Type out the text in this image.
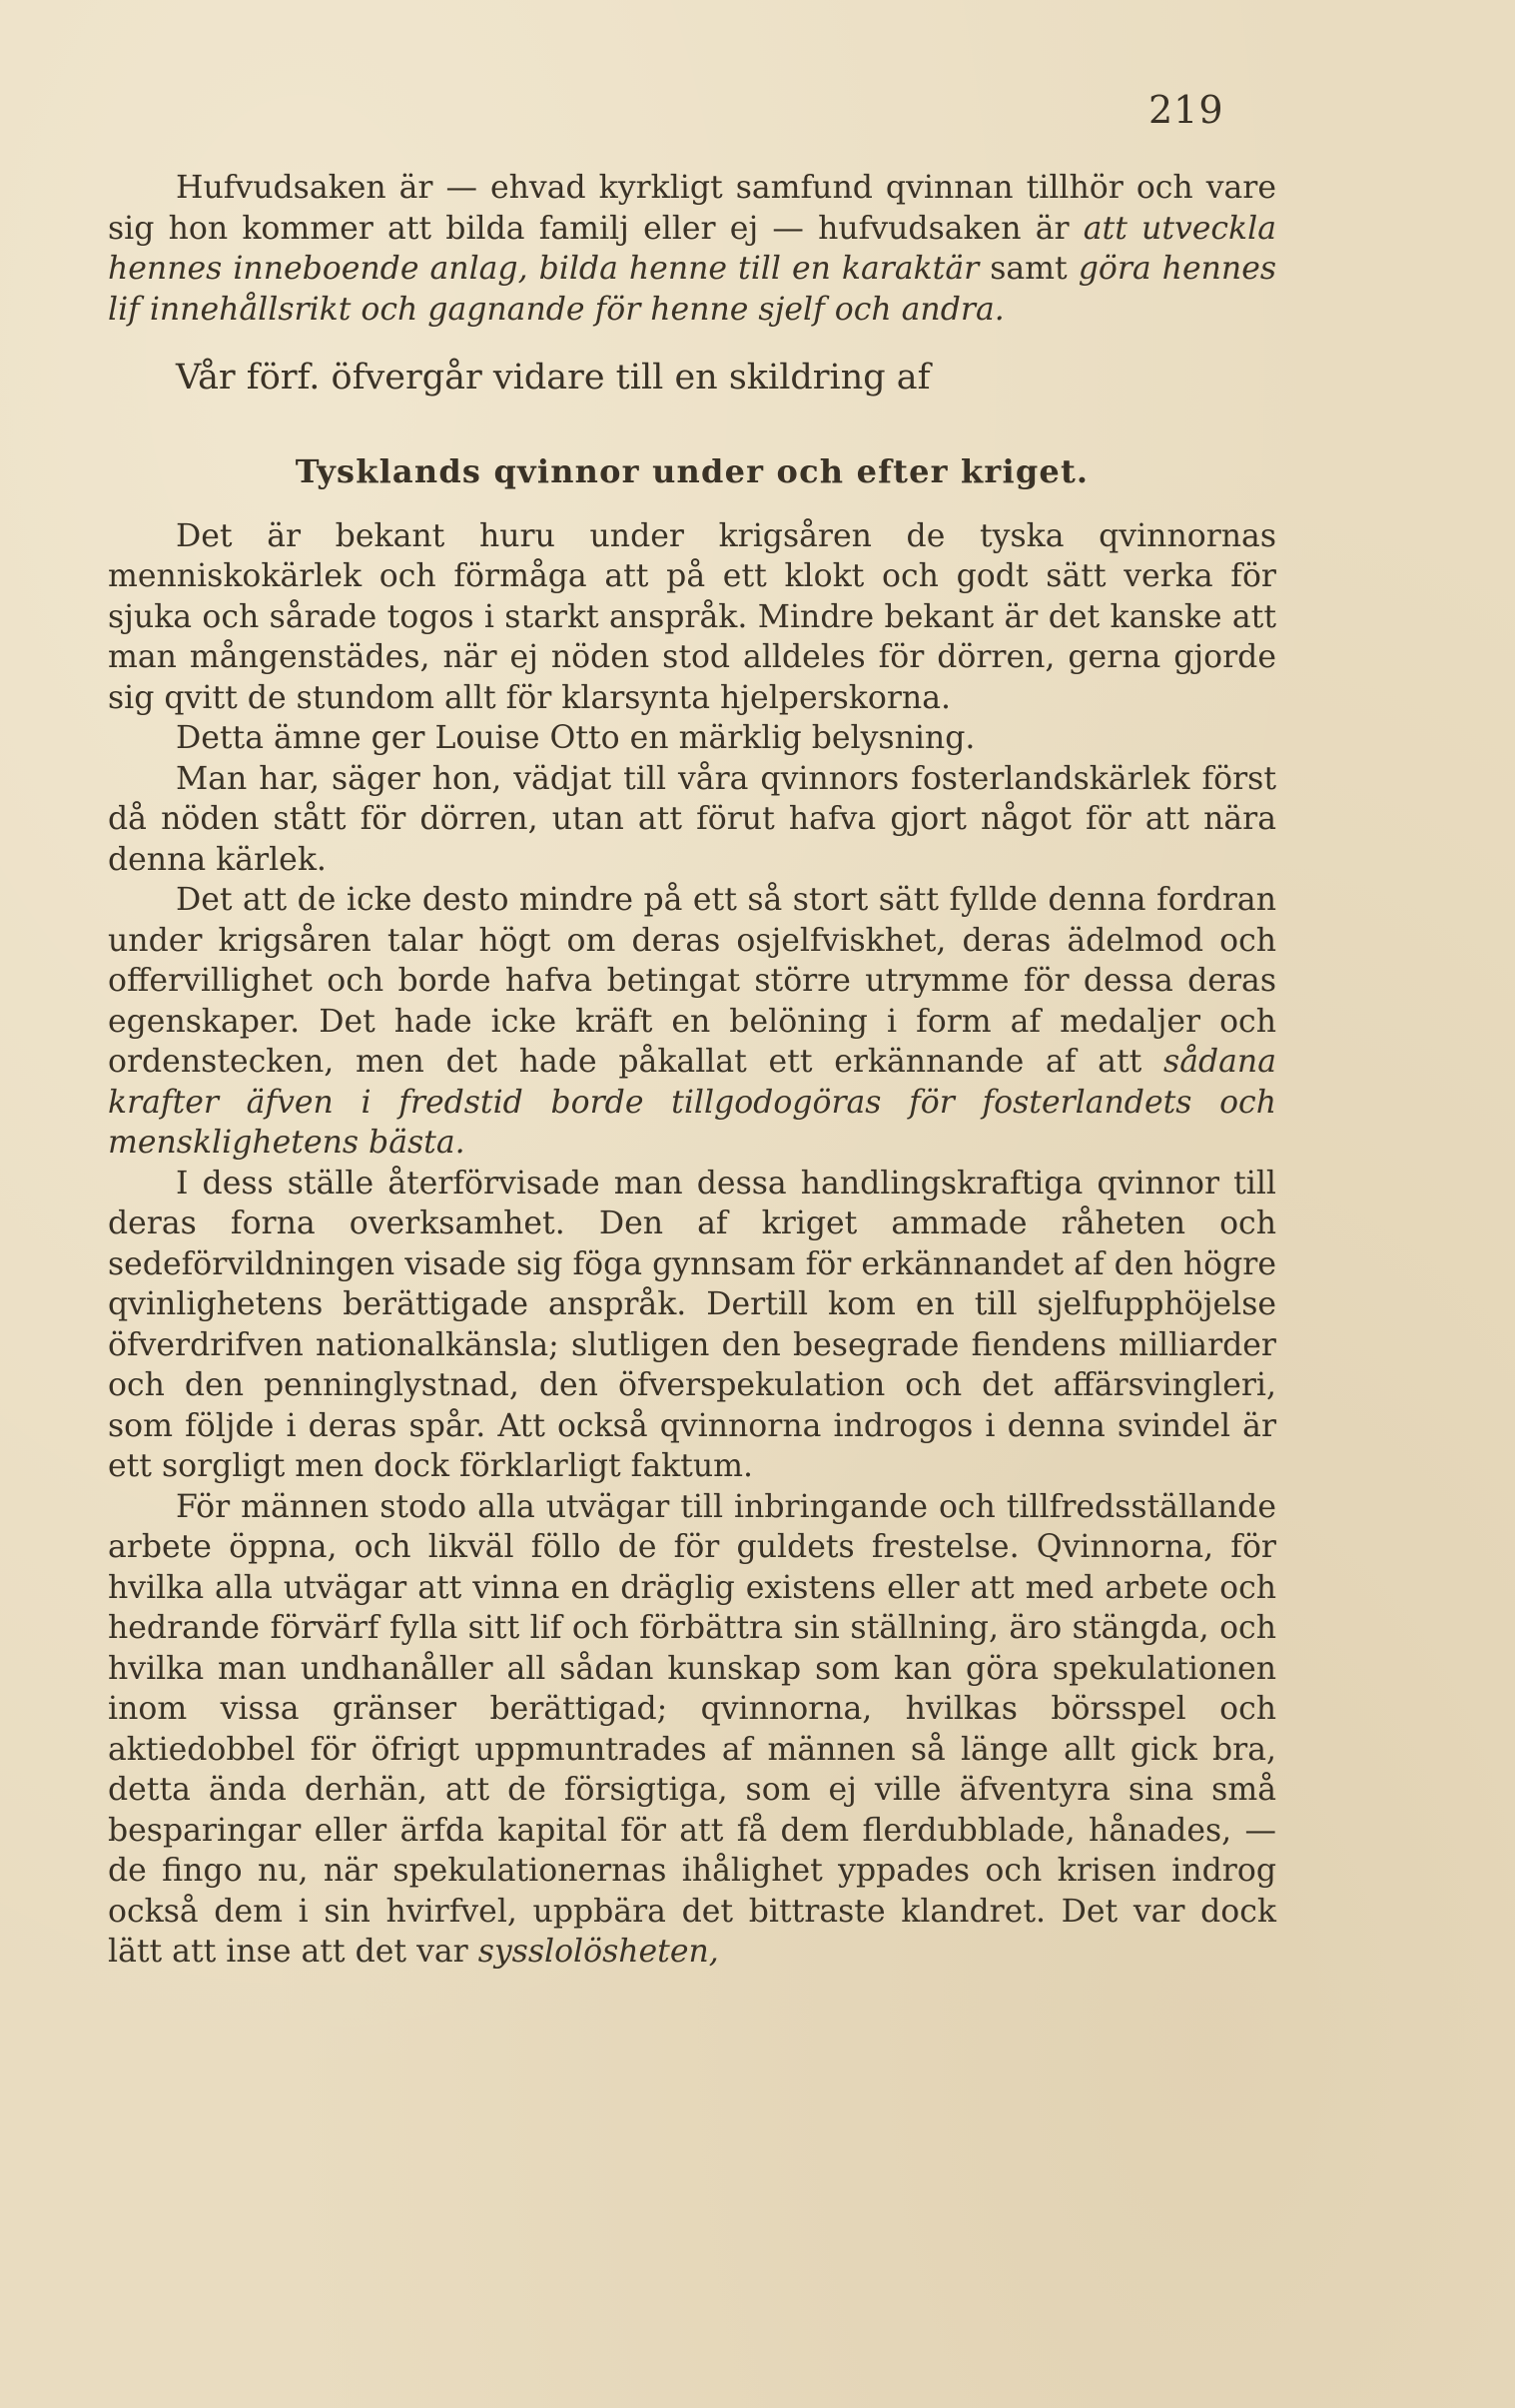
219

Hufvudsaken är — ehvad kyrkligt samfund qvinnan tillhör och vare sig hon kommer att bilda familj eller ej — hufvudsaken är att utveckla hennes inneboende anlag, bilda henne till en karaktär samt göra hennes lif innehållsrikt och gagnande för henne sjelf och andra.

Vår förf. öfvergår vidare till en skildring af

Tysklands qvinnor under och efter kriget.

Det är bekant huru under krigsåren de tyska qvinnornas menniskokärlek och förmåga att på ett klokt och godt sätt verka för sjuka och sårade togos i starkt anspråk. Mindre bekant är det kanske att man mångenstädes, när ej nöden stod alldeles för dörren, gerna gjorde sig qvitt de stundom allt för klarsynta hjelperskorna.

Detta ämne ger Louise Otto en märklig belysning.

Man har, säger hon, vädjat till våra qvinnors fosterlandskärlek först då nöden stått för dörren, utan att förut hafva gjort något för att nära denna kärlek.

Det att de icke desto mindre på ett så stort sätt fyllde denna fordran under krigsåren talar högt om deras osjelfviskhet, deras ädelmod och offervillighet och borde hafva betingat större utrymme för dessa deras egenskaper. Det hade icke kräft en belöning i form af medaljer och ordenstecken, men det hade påkallat ett erkännande af att sådana krafter äfven i fredstid borde tillgodogöras för fosterlandets och mensklighetens bästa.

I dess ställe återförvisade man dessa handlingskraftiga qvinnor till deras forna overksamhet. Den af kriget ammade råheten och sedeförvildningen visade sig föga gynnsam för erkännandet af den högre qvinlighetens berättigade anspråk. Dertill kom en till sjelfupphöjelse öfverdrifven nationalkänsla; slutligen den besegrade fiendens milliarder och den penninglystnad, den öfverspekulation och det affärsvingleri, som följde i deras spår. Att också qvinnorna indrogos i denna svindel är ett sorgligt men dock förklarligt faktum.

För männen stodo alla utvägar till inbringande och tillfredsställande arbete öppna, och likväl föllo de för guldets frestelse. Qvinnorna, för hvilka alla utvägar att vinna en dräglig existens eller att med arbete och hedrande förvärf fylla sitt lif och förbättra sin ställning, äro stängda, och hvilka man undhanåller all sådan kunskap som kan göra spekulationen inom vissa gränser berättigad; qvinnorna, hvilkas börsspel och aktiedobbel för öfrigt uppmuntrades af männen så länge allt gick bra, detta ända derhän, att de försigtiga, som ej ville äfventyra sina små besparingar eller ärfda kapital för att få dem flerdubblade, hånades, — de fingo nu, när spekulationernas ihålighet yppades och krisen indrog också dem i sin hvirfvel, uppbära det bittraste klandret. Det var dock lätt att inse att det var sysslolösheten,
